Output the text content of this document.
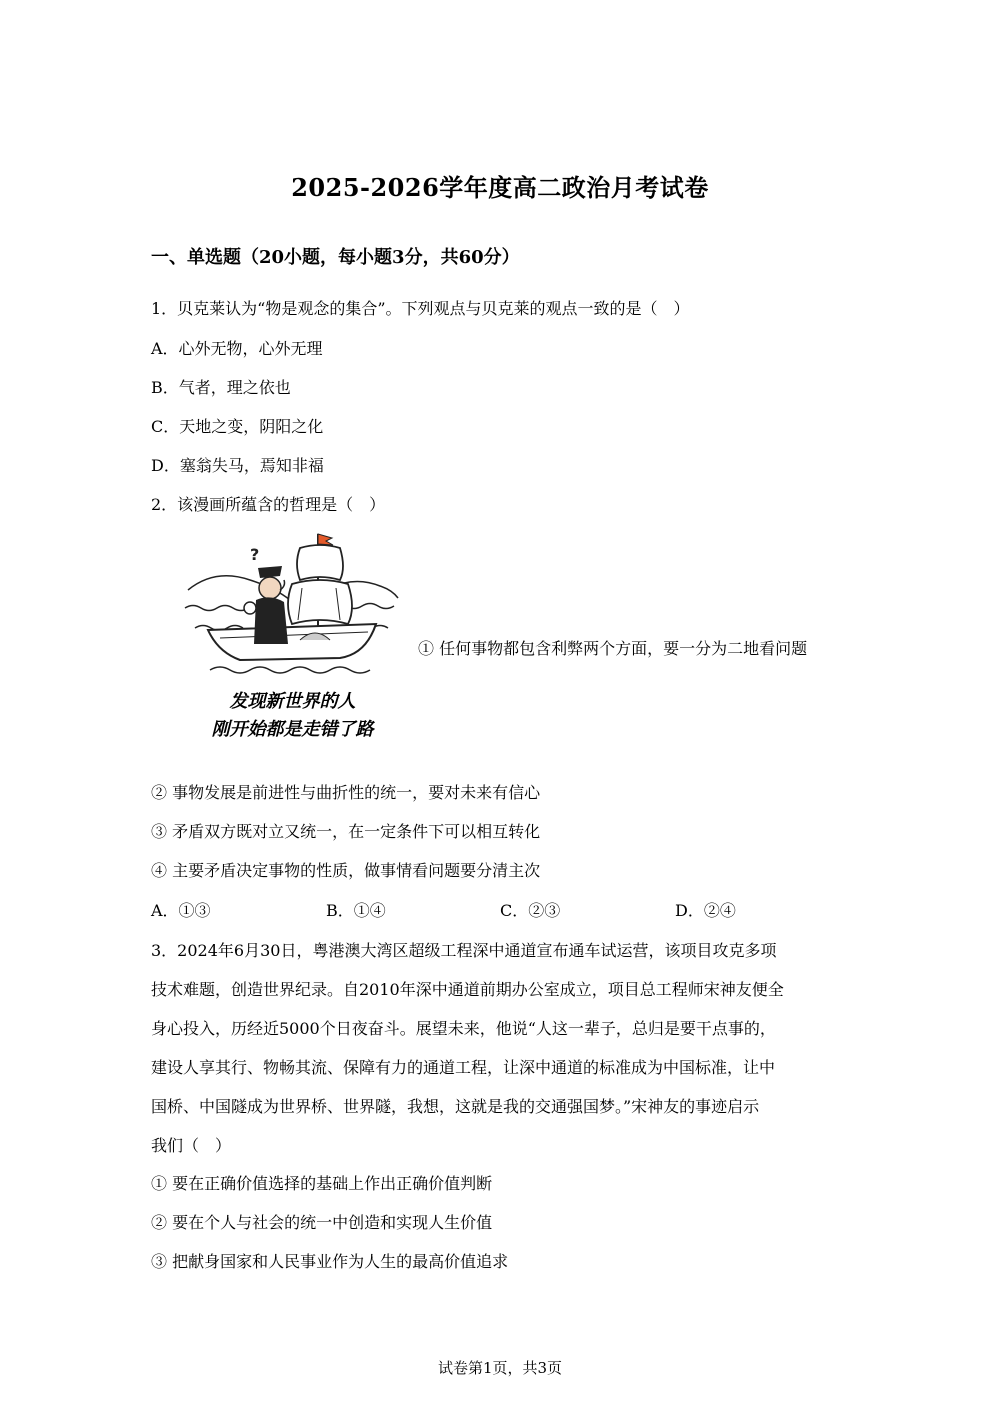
2025-2026学年度高二政治月考试卷
一、单选题（20小题，每小题3分，共60分）
1．贝克莱认为“物是观念的集合”。下列观点与贝克莱的观点一致的是（　）
A．心外无物，心外无理
B．气者，理之依也
C．天地之变，阴阳之化
D．塞翁失马，焉知非福
2．该漫画所蕴含的哲理是（　）
?
发现新世界的人
刚开始都是走错了路
① 任何事物都包含利弊两个方面，要一分为二地看问题
② 事物发展是前进性与曲折性的统一，要对未来有信心
③ 矛盾双方既对立又统一，在一定条件下可以相互转化
④ 主要矛盾决定事物的性质，做事情看问题要分清主次
A．①③	B．①④	C．②③	D．②④
3．2024年6月30日，粤港澳大湾区超级工程深中通道宣布通车试运营，该项目攻克多项
技术难题，创造世界纪录。自2010年深中通道前期办公室成立，项目总工程师宋神友便全
身心投入，历经近5000个日夜奋斗。展望未来，他说“人这一辈子，总归是要干点事的，
建设人享其行、物畅其流、保障有力的通道工程，让深中通道的标准成为中国标准，让中
国桥、中国隧成为世界桥、世界隧，我想，这就是我的交通强国梦。”宋神友的事迹启示
我们（　）
① 要在正确价值选择的基础上作出正确价值判断
② 要在个人与社会的统一中创造和实现人生价值
③ 把献身国家和人民事业作为人生的最高价值追求
试卷第1页，共3页
